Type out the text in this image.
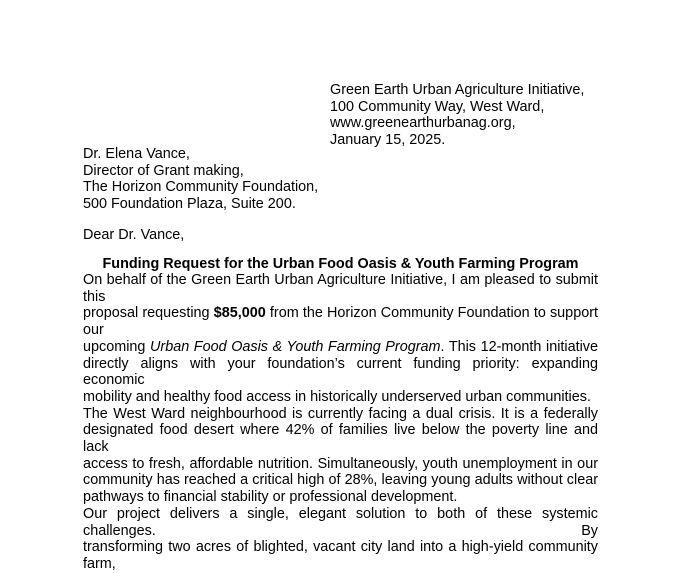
Green Earth Urban Agriculture Initiative,
100 Community Way, West Ward,
www.greenearthurbanag.org,
January 15, 2025.
Dr. Elena Vance,
Director of Grant making,
The Horizon Community Foundation,
500 Foundation Plaza, Suite 200.
Dear Dr. Vance,
Funding Request for the Urban Food Oasis & Youth Farming Program
On behalf of the Green Earth Urban Agriculture Initiative, I am pleased to submit this
proposal requesting $85,000 from the Horizon Community Foundation to support our
upcoming Urban Food Oasis & Youth Farming Program. This 12-month initiative
directly aligns with your foundation’s current funding priority: expanding economic
mobility and healthy food access in historically underserved urban communities.
The West Ward neighbourhood is currently facing a dual crisis. It is a federally
designated food desert where 42% of families live below the poverty line and lack
access to fresh, affordable nutrition. Simultaneously, youth unemployment in our
community has reached a critical high of 28%, leaving young adults without clear
pathways to financial stability or professional development.
Our project delivers a single, elegant solution to both of these systemic challenges. By
transforming two acres of blighted, vacant city land into a high-yield community farm,
